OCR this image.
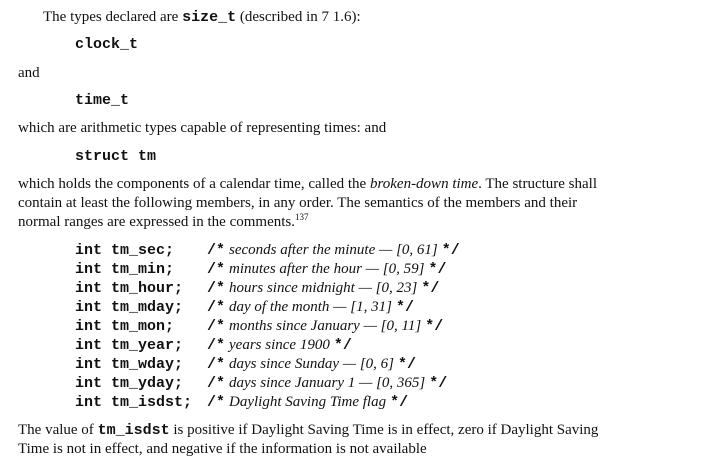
The types declared are size_t (described in 7 1.6):
clock_t
and
time_t
which are arithmetic types capable of representing times: and
struct tm
which holds the components of a calendar time, called the broken-down time. The structure shall
contain at least the following members, in any order. The semantics of the members and their
normal ranges are expressed in the comments.$^{137}$
int tm_sec; /* seconds after the minute — [0, 61] */
int tm_min; /* minutes after the hour — [0, 59] */
int tm_hour; /* hours since midnight — [0, 23] */
int tm_mday; /* day of the month — [1, 31] */
int tm_mon; /* months since January — [0, 11] */
int tm_year; /* years since 1900 */
int tm_wday; /* days since Sunday — [0, 6] */
int tm_yday; /* days since January 1 — [0, 365] */
int tm_isdst; /* Daylight Saving Time flag */
The value of tm_isdst is positive if Daylight Saving Time is in effect, zero if Daylight Saving
Time is not in effect, and negative if the information is not available
